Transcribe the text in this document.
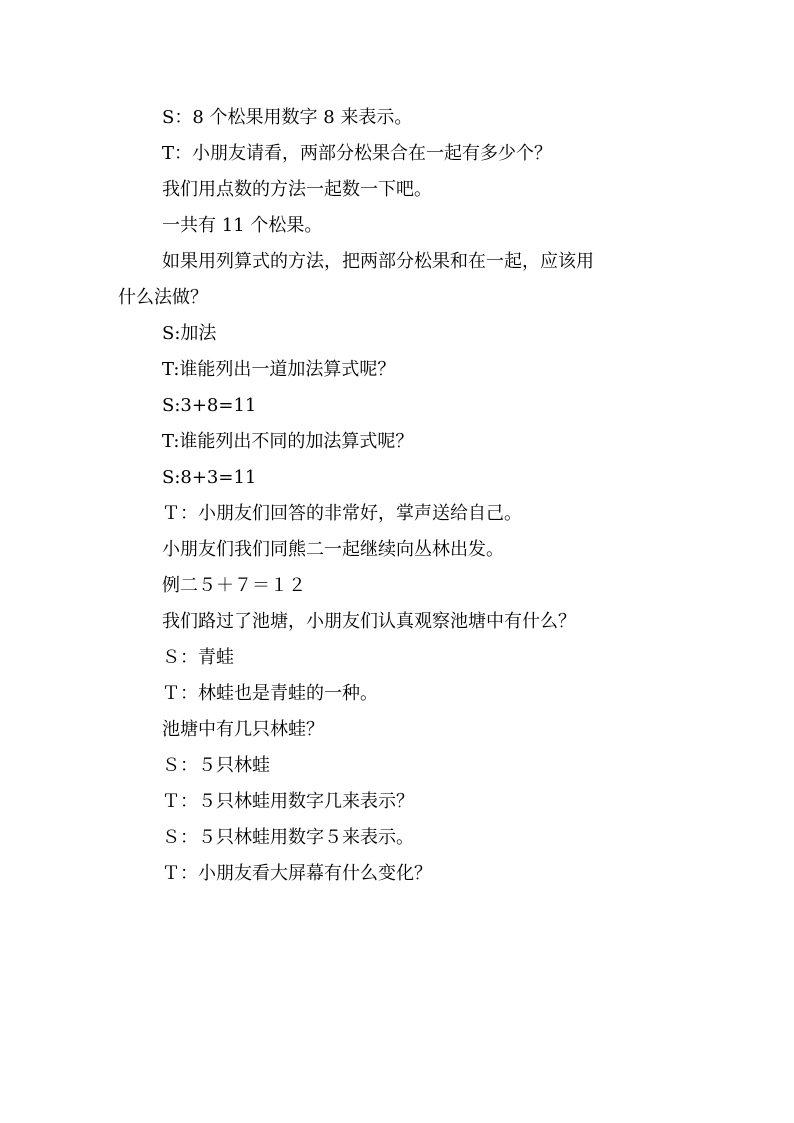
S：8 个松果用数字 8 来表示。

T：小朋友请看，两部分松果合在一起有多少个？

我们用点数的方法一起数一下吧。

一共有 11 个松果。

如果用列算式的方法，把两部分松果和在一起，应该用

什么法做？

S:加法

T:谁能列出一道加法算式呢？

S:3+8=11

T:谁能列出不同的加法算式呢？

S:8+3=11

Ｔ：小朋友们回答的非常好，掌声送给自己。

小朋友们我们同熊二一起继续向丛林出发。

例二５＋７＝１２

我们路过了池塘，小朋友们认真观察池塘中有什么？

Ｓ：青蛙

Ｔ：林蛙也是青蛙的一种。

池塘中有几只林蛙？

Ｓ：５只林蛙

Ｔ：５只林蛙用数字几来表示？

Ｓ：５只林蛙用数字５来表示。

Ｔ：小朋友看大屏幕有什么变化？
